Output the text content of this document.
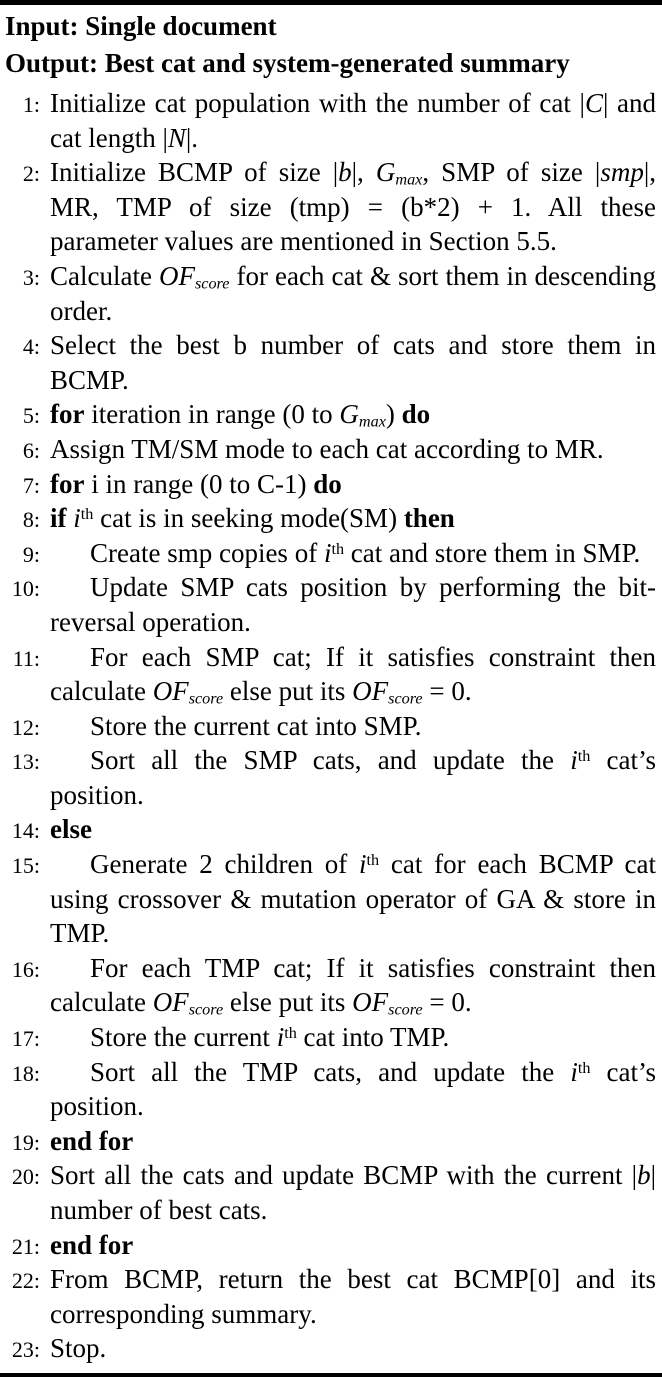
Input: Single document
Output: Best cat and system-generated summary
1: Initialize cat population with the number of cat |C| and cat length |N|.
2: Initialize BCMP of size |b|, Gmax, SMP of size |smp|, MR, TMP of size (tmp) = (b*2) + 1. All these parameter values are mentioned in Section 5.5.
3: Calculate OFscore for each cat & sort them in descending order.
4: Select the best b number of cats and store them in BCMP.
5: for iteration in range (0 to Gmax) do
6: Assign TM/SM mode to each cat according to MR.
7: for i in range (0 to C-1) do
8: if $i^{th}$ cat is in seeking mode(SM) then
9: Create smp copies of $i^{th}$ cat and store them in SMP.
10: Update SMP cats position by performing the bit-reversal operation.
11: For each SMP cat; If it satisfies constraint then calculate OFscore else put its OFscore = 0.
12: Store the current cat into SMP.
13: Sort all the SMP cats, and update the $i^{th}$ cat’s position.
14: else
15: Generate 2 children of $i^{th}$ cat for each BCMP cat using crossover & mutation operator of GA & store in TMP.
16: For each TMP cat; If it satisfies constraint then calculate OFscore else put its OFscore = 0.
17: Store the current $i^{th}$ cat into TMP.
18: Sort all the TMP cats, and update the $i^{th}$ cat’s position.
19: end for
20: Sort all the cats and update BCMP with the current |b| number of best cats.
21: end for
22: From BCMP, return the best cat BCMP[0] and its corresponding summary.
23: Stop.
